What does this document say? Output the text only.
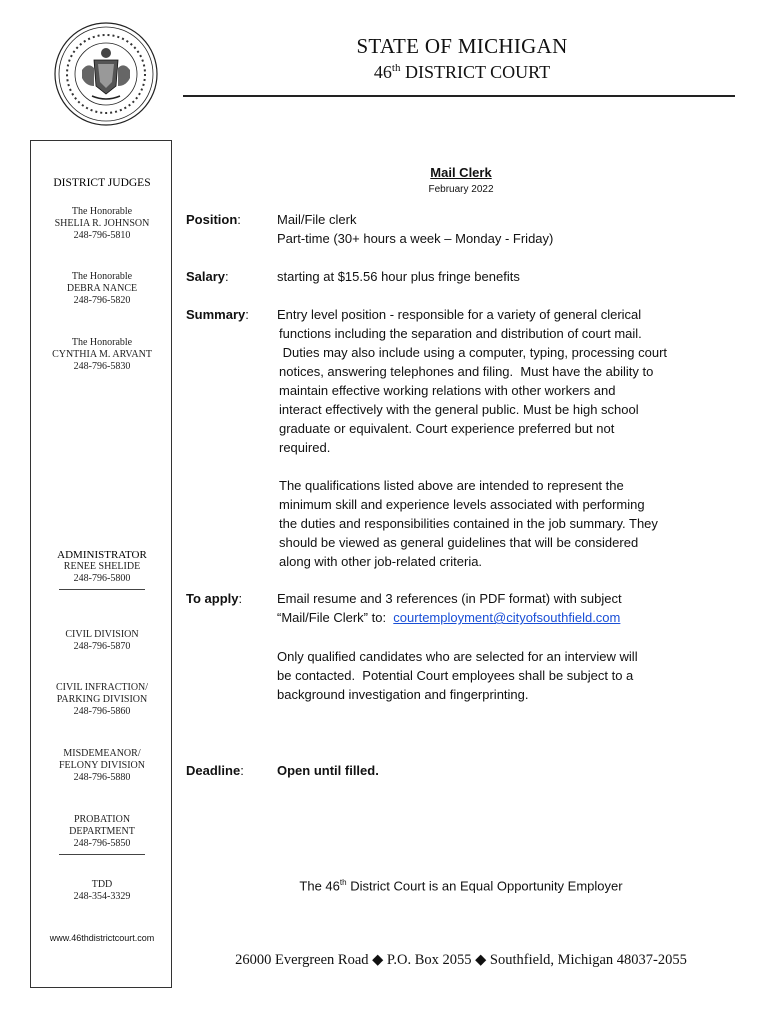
STATE OF MICHIGAN
46th DISTRICT COURT
DISTRICT JUDGES
The Honorable
SHELIA R. JOHNSON
248-796-5810
The Honorable
DEBRA NANCE
248-796-5820
The Honorable
CYNTHIA M. ARVANT
248-796-5830
ADMINISTRATOR
RENEE SHELIDE
248-796-5800
CIVIL DIVISION
248-796-5870
CIVIL INFRACTION/
PARKING DIVISION
248-796-5860
MISDEMEANOR/
FELONY DIVISION
248-796-5880
PROBATION
DEPARTMENT
248-796-5850
TDD
248-354-3329
www.46thdistrictcourt.com
Mail Clerk
February 2022
Position:	Mail/File clerk
Part-time (30+ hours a week – Monday - Friday)
Salary:	starting at $15.56 hour plus fringe benefits
Summary: Entry level position - responsible for a variety of general clerical
functions including the separation and distribution of court mail.
Duties may also include using a computer, typing, processing court
notices, answering telephones and filing.  Must have the ability to
maintain effective working relations with other workers and
interact effectively with the general public. Must be high school
graduate or equivalent. Court experience preferred but not
required.
The qualifications listed above are intended to represent the
minimum skill and experience levels associated with performing
the duties and responsibilities contained in the job summary. They
should be viewed as general guidelines that will be considered
along with other job-related criteria.
To apply:	Email resume and 3 references (in PDF format) with subject
“Mail/File Clerk” to:  courtemployment@cityofsouthfield.com
Only qualified candidates who are selected for an interview will
be contacted.  Potential Court employees shall be subject to a
background investigation and fingerprinting.
Deadline:	Open until filled.
The 46th District Court is an Equal Opportunity Employer
26000 Evergreen Road ◆ P.O. Box 2055 ◆ Southfield, Michigan 48037-2055
